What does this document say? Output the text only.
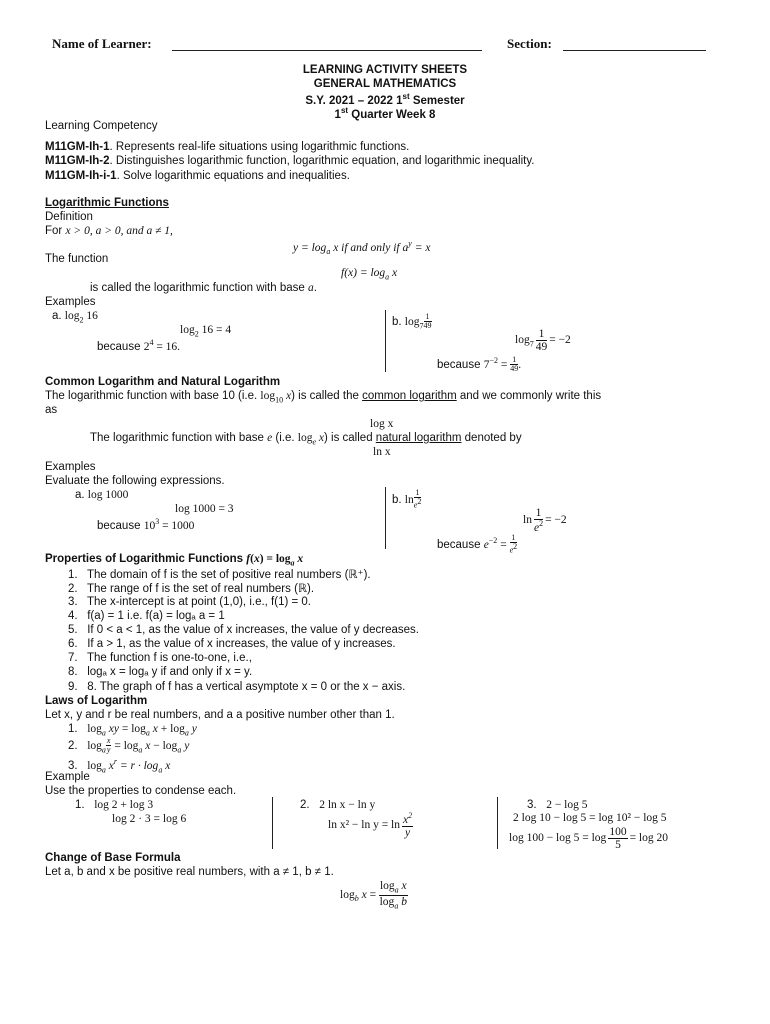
Name of Learner:	Section:
LEARNING ACTIVITY SHEETS
GENERAL MATHEMATICS
S.Y. 2021 – 2022 1st Semester
1st Quarter Week 8
Learning Competency
M11GM-Ih-1. Represents real-life situations using logarithmic functions.
M11GM-Ih-2. Distinguishes logarithmic function, logarithmic equation, and logarithmic inequality.
M11GM-Ih-i-1. Solve logarithmic equations and inequalities.
Logarithmic Functions
Definition
For x > 0, a > 0, and a ≠ 1,
$y = \log_a x$ if and only if $a^y = x$
The function
$f(x) = \log_a x$
is called the logarithmic function with base a.
Examples
a. $\log_2 16$
$\log_2 16 = 4$
because $2^4 = 16$.
b. $\log_7 \frac{1}{49}$
$\log_7 \frac{1}{49} = -2$
because $7^{-2} = \frac{1}{49}$ .
Common Logarithm and Natural Logarithm
The logarithmic function with base 10 (i.e. $\log_{10} x$) is called the common logarithm and we commonly write this
as
log x
The logarithmic function with base e (i.e. $\log_e x$) is called natural logarithm denoted by
ln x
Examples
Evaluate the following expressions.
a. log 1000
log 1000 = 3
because $10^3 = 1000$
b. $\ln \frac{1}{e^2}$
$\ln \frac{1}{e^2} = -2$
because $e^{-2} = \frac{1}{e^2}$
Properties of Logarithmic Functions $f(x) = \log_a x$
1.   The domain of f is the set of positive real numbers (ℝ⁺).
2.   The range of f is the set of real numbers (ℝ).
3.   The x-intercept is at point (1,0), i.e., f(1) = 0.
4.   f(a) = 1 i.e. f(a) = logₐ a = 1
5.   If 0 < a < 1, as the value of x increases, the value of y decreases.
6.   If a > 1, as the value of x increases, the value of y increases.
7.   The function f is one-to-one, i.e.,
8.   logₐ x = logₐ y if and only if x = y.
9.   8. The graph of f has a vertical asymptote x = 0 or the x − axis.
Laws of Logarithm
Let x, y and r be real numbers, and a a positive number other than 1.
1.   $\log_a$ xy = $\log_a x + \log_a y$
2.   $\log_a \frac{x}{y} = \log_a x - \log_a y$
3.   $\log_a x^r = r \cdot \log_a x$
Example
Use the properties to condense each.
1.   log 2 + log 3
log 2 · 3 = log 6
2.   2 ln x − ln y
$\ln x^2 - \ln y = \ln \frac{x^2}{y}$
3.   2 − log 5
2 log 10 − log 5 = log 10² − log 5
$\log 100 - \log 5 = \log \frac{100}{5} = \log 20$
Change of Base Formula
Let a, b and x be positive real numbers, with a ≠ 1, b ≠ 1.
$\log_b x = \frac{\log_a x}{\log_a b}$
